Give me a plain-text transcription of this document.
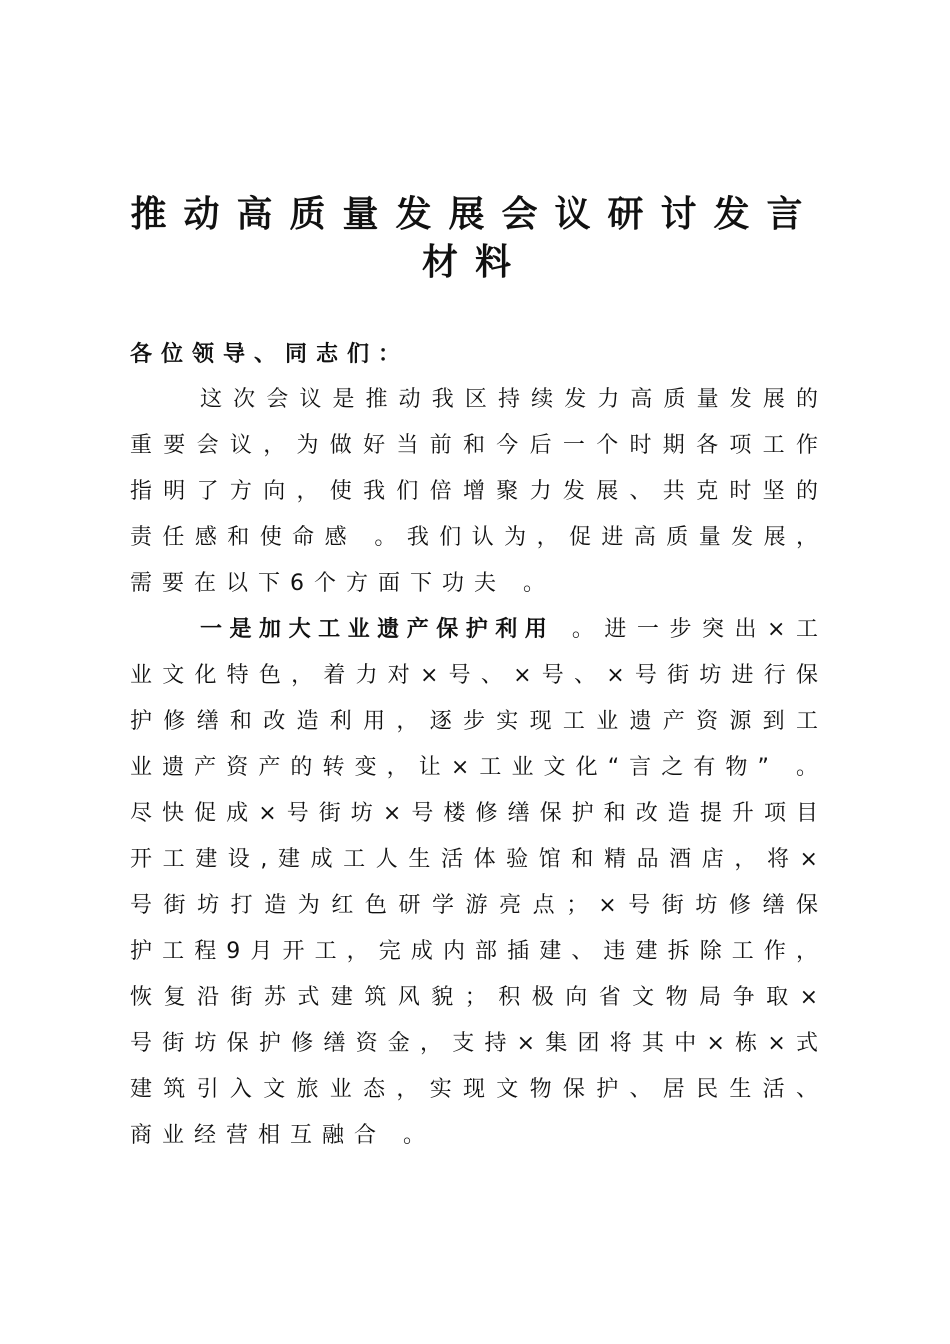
推动高质量发展会议研讨发言
材料

各位领导、同志们：

这次会议是推动我区持续发力高质量发展的重要会议，为做好当前和今后一个时期各项工作指明了方向，使我们倍增聚力发展、共克时坚的责任感和使命感 。我们认为，促进高质量发展，需要在以下6个方面下功夫 。

一是加大工业遗产保护利用 。进一步突出×工业文化特色，着力对×号、×号、×号街坊进行保护修缮和改造利用，逐步实现工业遗产资源到工业遗产资产的转变，让×工业文化“言之有物” 。尽快促成×号街坊×号楼修缮保护和改造提升项目开工建设,建成工人生活体验馆和精品酒店，将×号街坊打造为红色研学游亮点；×号街坊修缮保护工程9月开工，完成内部插建、违建拆除工作，恢复沿街苏式建筑风貌；积极向省文物局争取×号街坊保护修缮资金，支持×集团将其中×栋×式建筑引入文旅业态，实现文物保护、居民生活、商业经营相互融合 。
